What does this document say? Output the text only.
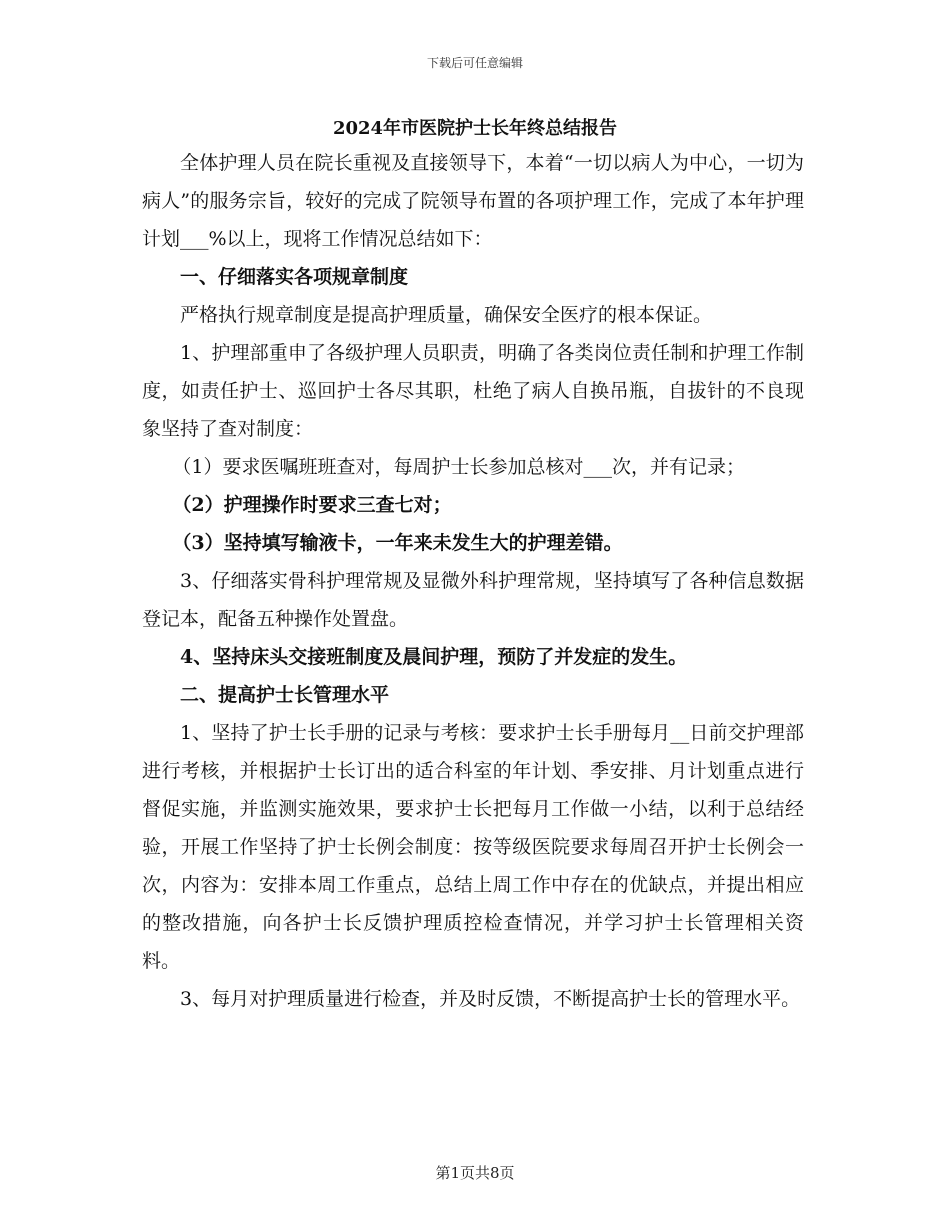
下载后可任意编辑
2024年市医院护士长年终总结报告

全体护理人员在院长重视及直接领导下，本着“一切以病人为中心，一切为病人”的服务宗旨，较好的完成了院领导布置的各项护理工作，完成了本年护理计划___%以上，现将工作情况总结如下：

一、仔细落实各项规章制度

严格执行规章制度是提高护理质量，确保安全医疗的根本保证。

1、护理部重申了各级护理人员职责，明确了各类岗位责任制和护理工作制度，如责任护士、巡回护士各尽其职，杜绝了病人自换吊瓶，自拔针的不良现象坚持了查对制度：

（1）要求医嘱班班查对，每周护士长参加总核对___次，并有记录；

（2）护理操作时要求三查七对；

（3）坚持填写输液卡，一年来未发生大的护理差错。

3、仔细落实骨科护理常规及显微外科护理常规，坚持填写了各种信息数据登记本，配备五种操作处置盘。

4、坚持床头交接班制度及晨间护理，预防了并发症的发生。

二、提高护士长管理水平

1、坚持了护士长手册的记录与考核：要求护士长手册每月__日前交护理部进行考核，并根据护士长订出的适合科室的年计划、季安排、月计划重点进行督促实施，并监测实施效果，要求护士长把每月工作做一小结，以利于总结经验，开展工作坚持了护士长例会制度：按等级医院要求每周召开护士长例会一次，内容为：安排本周工作重点，总结上周工作中存在的优缺点，并提出相应的整改措施，向各护士长反馈护理质控检查情况，并学习护士长管理相关资料。

3、每月对护理质量进行检查，并及时反馈，不断提高护士长的管理水平。

第1页共8页
